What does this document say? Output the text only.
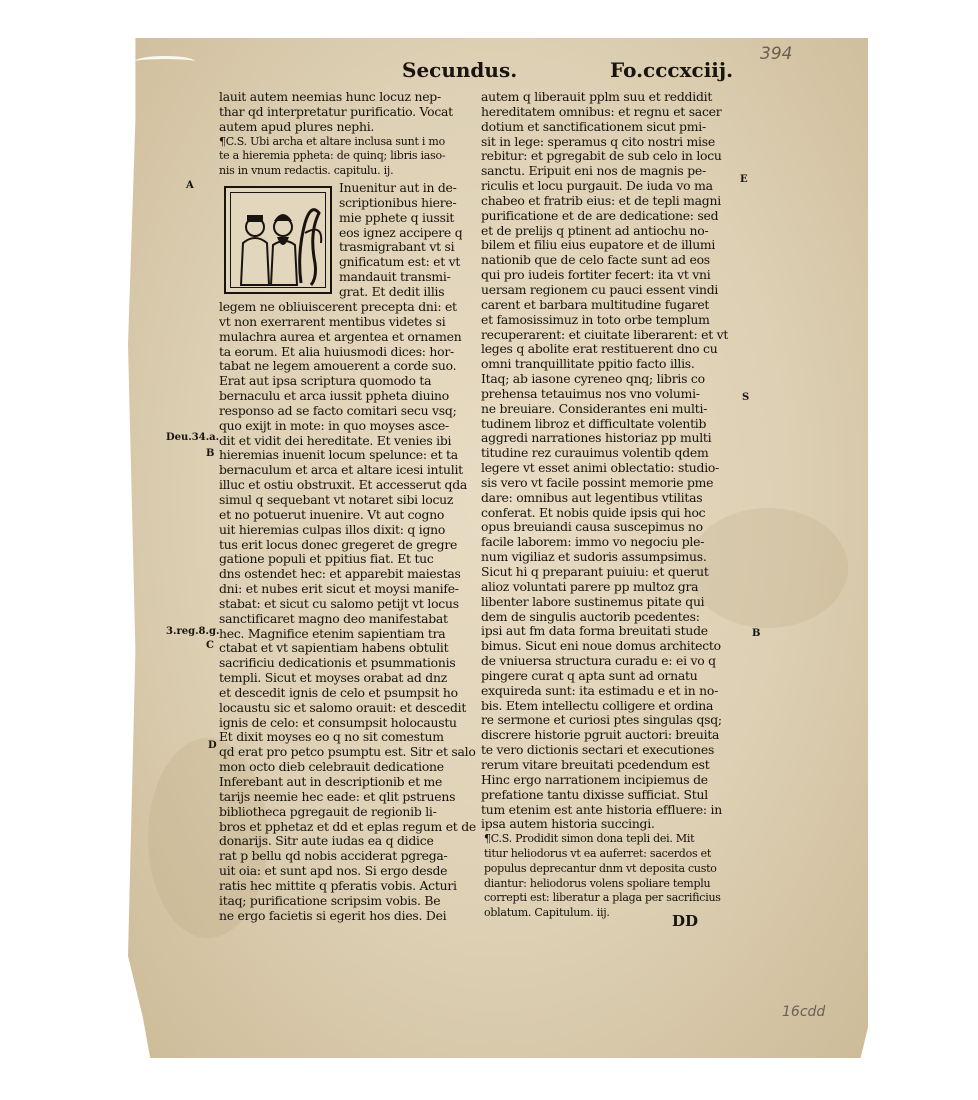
Secundus.	Fo.cccxciij.
394
lauit autem neemias hunc locuz nep-
thar qd interpretatur purificatio. Vocat
autem apud plures nephi.
¶C.S. Ubi archa et altare inclusa sunt i mo
te a hieremia ppheta: de quinq; libris iaso-
nis in vnum redactis. capitulu. ij.
Inuenitur aut in de-
scriptionibus hiere-
mie pphete q iussit
eos ignez accipere q
trasmigrabant vt si
gnificatum est: et vt
mandauit transmi-
grat. Et dedit illis
legem ne obliuiscerent precepta dni: et
vt non exerrarent mentibus videtes si
mulachra aurea et argentea et ornamen
ta eorum. Et alia huiusmodi dices: hor-
tabat ne legem amouerent a corde suo.
Erat aut ipsa scriptura quomodo ta
bernaculu et arca iussit ppheta diuino
responso ad se facto comitari secu vsq;
quo exijt in mote: in quo moyses asce-
dit et vidit dei hereditate. Et venies ibi
hieremias inuenit locum spelunce: et ta
bernaculum et arca et altare icesi intulit
illuc et ostiu obstruxit. Et accesserut qda
simul q sequebant vt notaret sibi locuz
et no potuerut inuenire. Vt aut cogno
uit hieremias culpas illos dixit: q igno
tus erit locus donec gregeret de gregre
gatione populi et ppitius fiat. Et tuc
dns ostendet hec: et apparebit maiestas
dni: et nubes erit sicut et moysi manife-
stabat: et sicut cu salomo petijt vt locus
sanctificaret magno deo manifestabat
hec. Magnifice etenim sapientiam tra
ctabat et vt sapientiam habens obtulit
sacrificiu dedicationis et psummationis
templi. Sicut et moyses orabat ad dnz
et descedit ignis de celo et psumpsit ho
locaustu sic et salomo orauit: et descedit
ignis de celo: et consumpsit holocaustu
Et dixit moyses eo q no sit comestum
qd erat pro petco psumptu est. Sitr et salo
mon octo dieb celebrauit dedicatione
Inferebant aut in descriptionib et me
tarijs neemie hec eade: et qlit pstruens
bibliotheca pgregauit de regionib li-
bros et pphetaz et dd et eplas regum et de
donarijs. Sitr aute iudas ea q didice
rat p bellu qd nobis acciderat pgrega-
uit oia: et sunt apd nos. Si ergo desde
ratis hec mittite q pferatis vobis. Acturi
itaq; purificatione scripsim vobis. Be
ne ergo facietis si egerit hos dies. Dei
autem q liberauit pplm suu et reddidit
hereditatem omnibus: et regnu et sacer
dotium et sanctificationem sicut pmi-
sit in lege: speramus q cito nostri mise
rebitur: et pgregabit de sub celo in locu
sanctu. Eripuit eni nos de magnis pe-
riculis et locu purgauit. De iuda vo ma
chabeo et fratrib eius: et de tepli magni
purificatione et de are dedicatione: sed
et de prelijs q ptinent ad antiochu no-
bilem et filiu eius eupatore et de illumi
nationib que de celo facte sunt ad eos
qui pro iudeis fortiter fecert: ita vt vni
uersam regionem cu pauci essent vindi
carent et barbara multitudine fugaret
et famosissimuz in toto orbe templum
recuperarent: et ciuitate liberarent: et vt
leges q abolite erat restituerent dno cu
omni tranquillitate ppitio facto illis.
Itaq; ab iasone cyreneo qnq; libris co
prehensa tetauimus nos vno volumi-
ne breuiare. Considerantes eni multi-
tudinem libroz et difficultate volentib
aggredi narrationes historiaz pp multi
titudine rez curauimus volentib qdem
legere vt esset animi oblectatio: studio-
sis vero vt facile possint memorie pme
dare: omnibus aut legentibus vtilitas
conferat. Et nobis quide ipsis qui hoc
opus breuiandi causa suscepimus no
facile laborem: immo vo negociu ple-
num vigiliaz et sudoris assumpsimus.
Sicut hi q preparant puiuiu: et querut
alioz voluntati parere pp multoz gra
libenter labore sustinemus pitate qui
dem de singulis auctorib pcedentes:
ipsi aut fm data forma breuitati stude
bimus. Sicut eni noue domus architecto
de vniuersa structura curadu e: ei vo q
pingere curat q apta sunt ad ornatu
exquireda sunt: ita estimadu e et in no-
bis. Etem intellectu colligere et ordina
re sermone et curiosi ptes singulas qsq;
discrere historie pgruit auctori: breuita
te vero dictionis sectari et executiones
rerum vitare breuitati pcedendum est
Hinc ergo narrationem incipiemus de
prefatione tantu dixisse sufficiat. Stul
tum etenim est ante historia effluere: in
ipsa autem historia succingi.
¶C.S. Prodidit simon dona tepli dei. Mit
titur heliodorus vt ea auferret: sacerdos et
populus deprecantur dnm vt deposita custo
diantur: heliodorus volens spoliare templu
correpti est: liberatur a plaga per sacrificius
oblatum. Capitulum. iij.	DD
16cdd
A
E
S
Deu.34.a.
B
B
3.reg.8.g.
C
D
